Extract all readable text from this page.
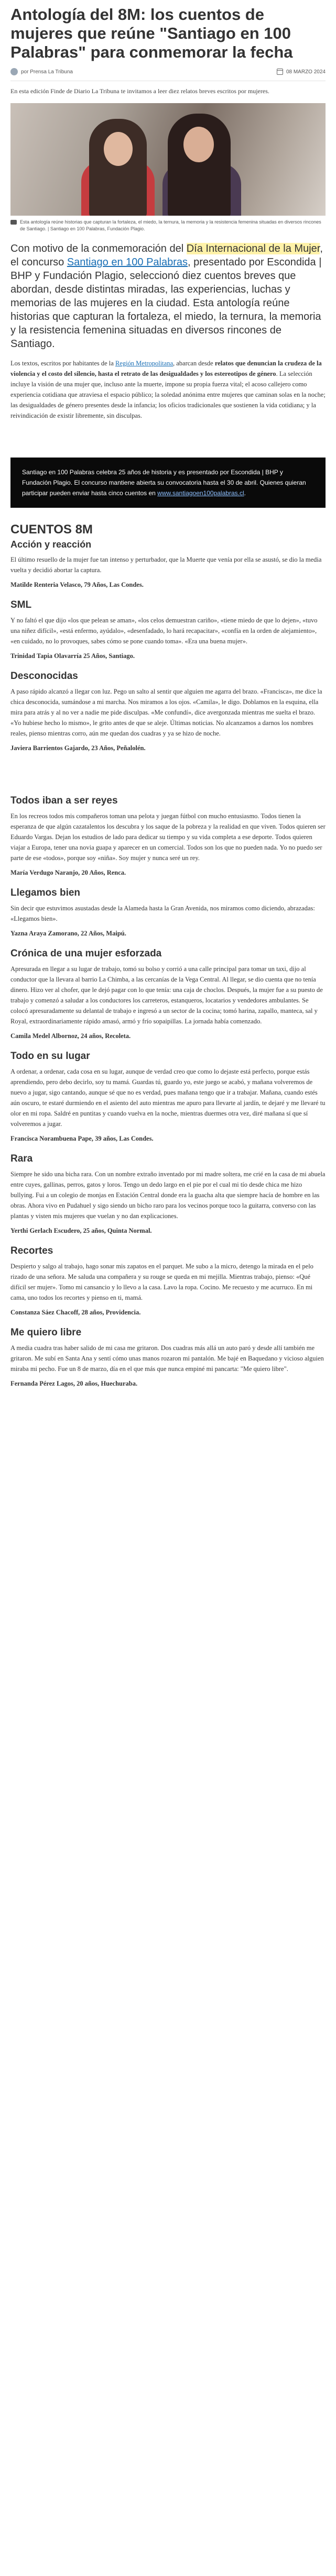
Antología del 8M: los cuentos de mujeres que reúne "Santiago en 100 Palabras" para conmemorar la fecha
por Prensa La Tribuna	08 MARZO 2024

En esta edición Finde de Diario La Tribuna te invitamos a leer diez relatos breves escritos por mujeres.

Esta antología reúne historias que capturan la fortaleza, el miedo, la ternura, la memoria y la resistencia femenina situadas en diversos rincones de Santiago. | Santiago en 100 Palabras, Fundación Plagio.

Con motivo de la conmemoración del Día Internacional de la Mujer, el concurso Santiago en 100 Palabras, presentado por Escondida | BHP y Fundación Plagio, seleccionó diez cuentos breves que abordan, desde distintas miradas, las experiencias, luchas y memorias de las mujeres en la ciudad. Esta antología reúne historias que capturan la fortaleza, el miedo, la ternura, la memoria y la resistencia femenina situadas en diversos rincones de Santiago.

Los textos, escritos por habitantes de la Región Metropolitana, abarcan desde relatos que denuncian la crudeza de la violencia y el costo del silencio, hasta el retrato de las desigualdades y los estereotipos de género. La selección incluye la visión de una mujer que, incluso ante la muerte, impone su propia fuerza vital; el acoso callejero como experiencia cotidiana que atraviesa el espacio público; la soledad anónima entre mujeres que caminan solas en la noche; las desigualdades de género presentes desde la infancia; los oficios tradicionales que sostienen la vida cotidiana; y la reivindicación de existir libremente, sin disculpas.

Santiago en 100 Palabras celebra 25 años de historia y es presentado por Escondida | BHP y Fundación Plagio. El concurso mantiene abierta su convocatoria hasta el 30 de abril. Quienes quieran participar pueden enviar hasta cinco cuentos en www.santiagoen100palabras.cl.
CUENTOS 8M
Acción y reacción

El último resuello de la mujer fue tan intenso y perturbador, que la Muerte que venía por ella se asustó, se dio la media vuelta y decidió abortar la captura.

Matilde Renteria Velasco, 79 Años, Las Condes.

SML

Y no faltó el que dijo «los que pelean se aman», «los celos demuestran cariño», «tiene miedo de que lo dejen», «tuvo una niñez difícil», «está enfermo, ayúdalo», «desenfadado, lo hará recapacitar», «confía en la orden de alejamiento», «en cuidado, no lo provoques, sabes cómo se pone cuando toma». «Era una buena mujer».

Trinidad Tapia Olavarría 25 Años, Santiago.

Desconocidas

A paso rápido alcanzó a llegar con luz. Pego un salto al sentir que alguien me agarra del brazo. «Francisca», me dice la chica desconocida, sumándose a mi marcha. Nos miramos a los ojos. «Camila», le digo. Doblamos en la esquina, ella mira para atrás y al no ver a nadie me pide disculpas. «Me confundí», dice avergonzada mientras me suelta el brazo. «Yo hubiese hecho lo mismo», le grito antes de que se aleje. Últimas noticias. No alcanzamos a darnos los nombres reales, pienso mientras corro, aún me quedan dos cuadras y ya se hizo de noche.

Javiera Barrientos Gajardo, 23 Años, Peñalolén.

Todos iban a ser reyes

En los recreos todos mis compañeros toman una pelota y juegan fútbol con mucho entusiasmo. Todos tienen la esperanza de que algún cazatalentos los descubra y los saque de la pobreza y la realidad en que viven. Todos quieren ser Eduardo Vargas. Dejan los estudios de lado para dedicar su tiempo y su vida completa a ese deporte. Todos quieren viajar a Europa, tener una novia guapa y aparecer en un comercial. Todos son los que no pueden nada. Yo no puedo ser parte de ese «todos», porque soy «niña». Soy mujer y nunca seré un rey.

María Verdugo Naranjo, 20 Años, Renca.

Llegamos bien

Sin decir que estuvimos asustadas desde la Alameda hasta la Gran Avenida, nos miramos como diciendo, abrazadas: «Llegamos bien».

Yazna Araya Zamorano, 22 Años, Maipú.

Crónica de una mujer esforzada

Apresurada en llegar a su lugar de trabajo, tomó su bolso y corrió a una calle principal para tomar un taxi, dijo al conductor que la llevara al barrio La Chimba, a las cercanías de la Vega Central. Al llegar, se dio cuenta que no tenía dinero. Hizo ver al chofer, que le dejó pagar con lo que tenía: una caja de choclos. Después, la mujer fue a su puesto de trabajo y comenzó a saludar a los conductores los carreteros, estanqueros, locatarios y vendedores ambulantes. Se colocó apresuradamente su delantal de trabajo e ingresó a un sector de la cocina; tomó harina, zapallo, manteca, sal y Royal, extraordinariamente rápido amasó, armó y frío sopaipillas. La jornada había comenzado.

Camila Medel Albornoz, 24 años, Recoleta.

Todo en su lugar

A ordenar, a ordenar, cada cosa en su lugar, aunque de verdad creo que como lo dejaste está perfecto, porque estás aprendiendo, pero debo decirlo, soy tu mamá. Guardas tú, guardo yo, este juego se acabó, y mañana volveremos de nuevo a jugar, sigo cantando, aunque sé que no es verdad, pues mañana tengo que ir a trabajar. Mañana, cuando estés aún oscuro, te estaré durmiendo en el asiento del auto mientras me apuro para llevarte al jardín, te dejaré y me llevaré tu olor en mi ropa. Saldré en puntitas y cuando vuelva en la noche, mientras duermes otra vez, diré mañana sí que sí volveremos a jugar.

Francisca Norambuena Pape, 39 años, Las Condes.

Rara

Siempre he sido una bicha rara. Con un nombre extraño inventado por mi madre soltera, me crié en la casa de mi abuela entre cuyes, gallinas, perros, gatos y loros. Tengo un dedo largo en el pie por el cual mi tío desde chica me hizo bullying. Fui a un colegio de monjas en Estación Central donde era la guacha alta que siempre hacía de hombre en las obras. Ahora vivo en Pudahuel y sigo siendo un bicho raro para los vecinos porque toco la guitarra, converso con las plantas y visten mis mujeres que vuelan y no dan explicaciones.

Yerthi Gerlach Escudero, 25 años, Quinta Normal.

Recortes

Despierto y salgo al trabajo, hago sonar mis zapatos en el parquet. Me subo a la micro, detengo la mirada en el pelo rizado de una señora. Me saluda una compañera y su rouge se queda en mi mejilla. Mientras trabajo, pienso: «Qué difícil ser mujer». Tomo mi cansancio y lo llevo a la casa. Lavo la ropa. Cocino. Me recuesto y me acurruco. En mi cama, uno todos los recortes y pienso en ti, mamá.

Constanza Sáez Chacoff, 28 años, Providencia.

Me quiero libre

A media cuadra tras haber salido de mi casa me gritaron. Dos cuadras más allá un auto paró y desde allí también me gritaron. Me subí en Santa Ana y sentí cómo unas manos rozaron mi pantalón. Me bajé en Baquedano y vicioso alguien miraba mi pecho. Fue un 8 de marzo, día en el que más que nunca empiné mi pancarta: "Me quiero libre".

Fernanda Pérez Lagos, 20 años, Huechuraba.
